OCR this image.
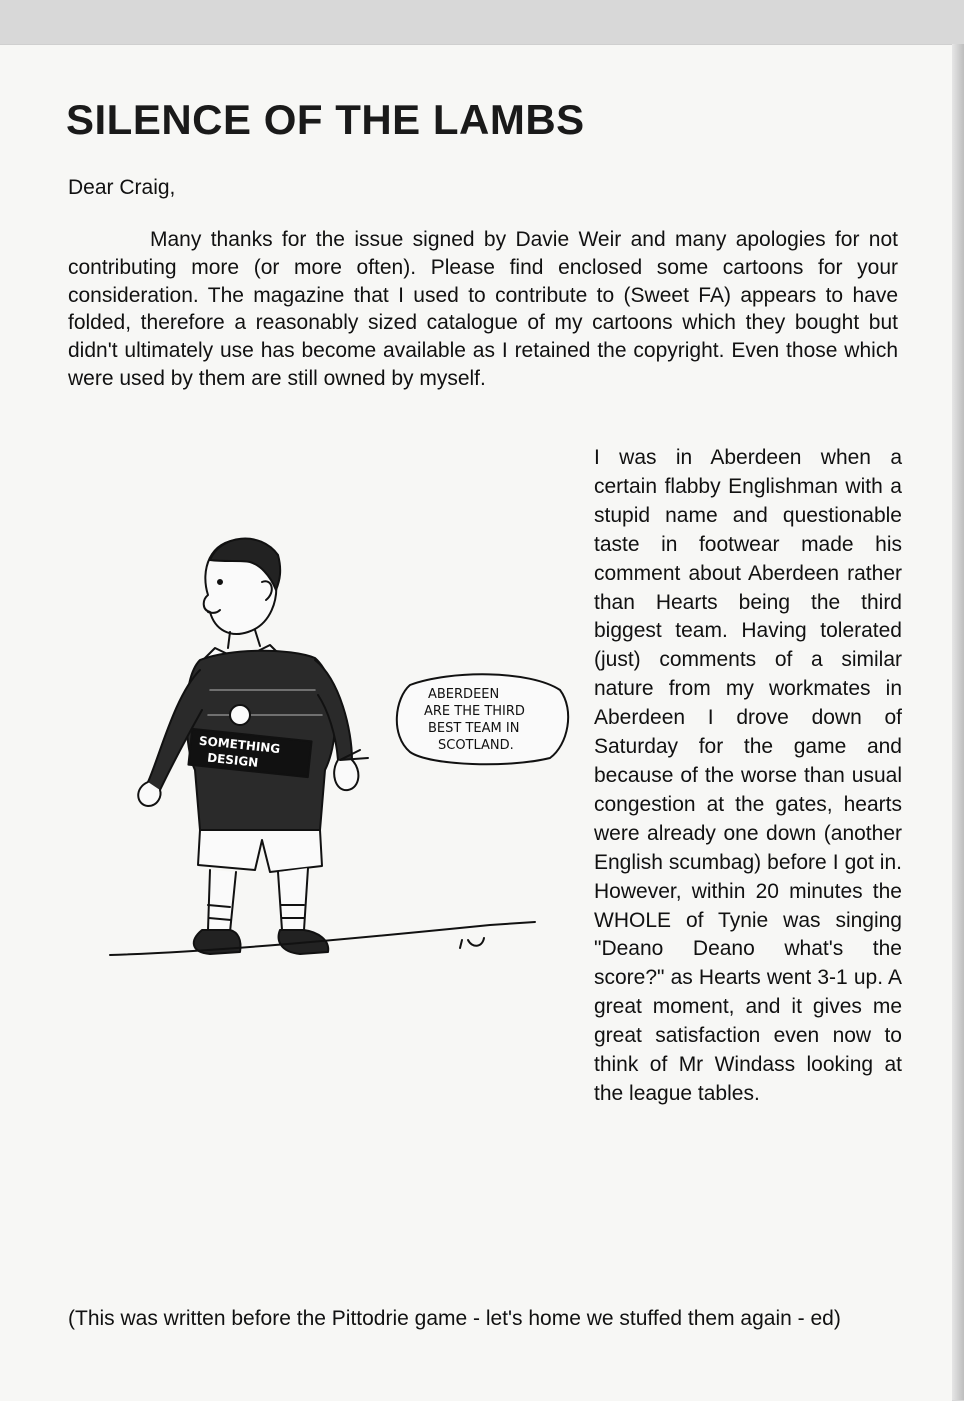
SILENCE OF THE LAMBS

Dear Craig,

Many thanks for the issue signed by Davie Weir and many apologies for not contributing more (or more often). Please find enclosed some cartoons for your consideration. The magazine that I used to contribute to (Sweet FA) appears to have folded, therefore a reasonably sized catalogue of my cartoons which they bought but didn't ultimately use has become available as I retained the copyright. Even those which were used by them are still owned by myself.

SOMETHING
DESIGN
ABERDEEN
ARE THE THIRD
BEST TEAM IN
SCOTLAND.

I was in Aberdeen when a certain flabby Englishman with a stupid name and questionable taste in footwear made his comment about Aberdeen rather than Hearts being the third biggest team. Having tolerated (just) comments of a similar nature from my workmates in Aberdeen I drove down of Saturday for the game and because of the worse than usual congestion at the gates, hearts were already one down (another English scumbag) before I got in. However, within 20 minutes the WHOLE of Tynie was singing "Deano Deano what's the score?" as Hearts went 3-1 up. A great moment, and it gives me great satisfaction even now to think of Mr Windass looking at the league tables.

(This was written before the Pittodrie game - let's home we stuffed them again - ed)
